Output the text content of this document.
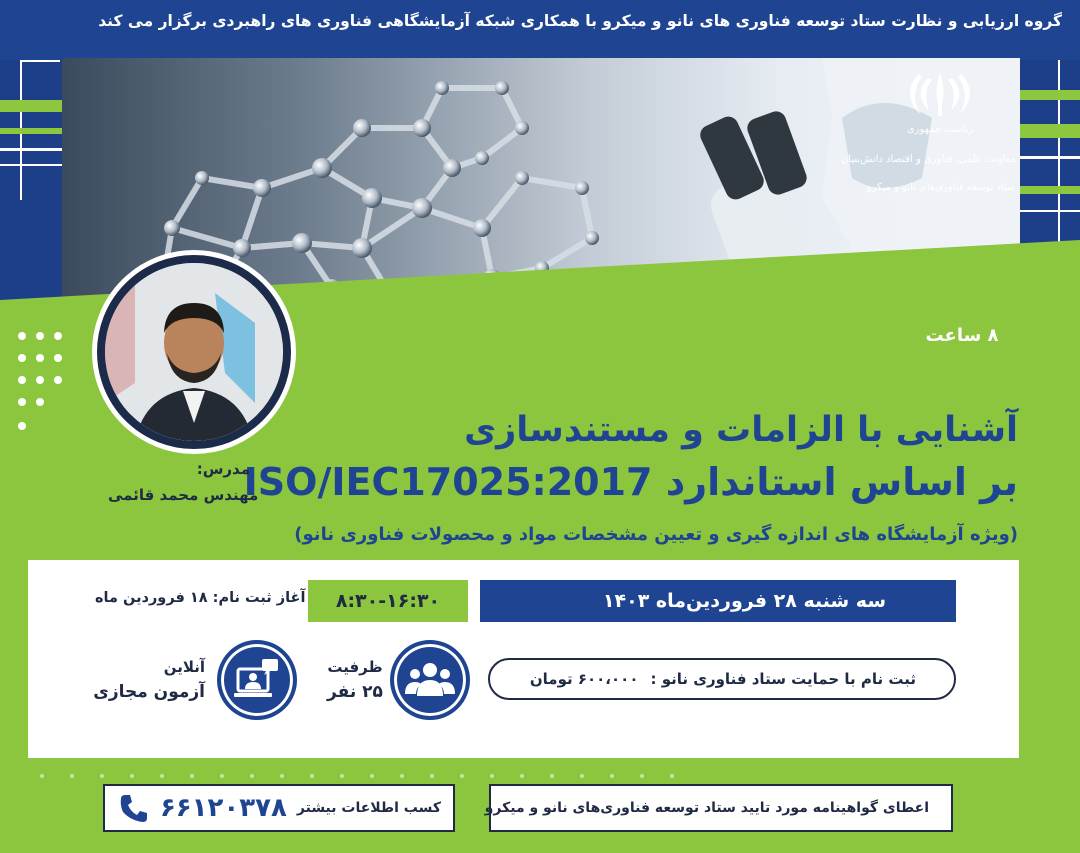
گروه ارزیابی و نظارت ستاد توسعه فناوری های نانو و میکرو با همکاری شبکه آزمایشگاهی فناوری های راهبردی برگزار می کند
ریاست جمهوری
معاونت علمی، فناوری و اقتصاد دانش‌بنیان
ستاد توسعه فناوری‌های نانو و میکرو
۸ ساعت
آشنایی با الزامات و مستندسازی
بر اساس استاندارد ISO/IEC17025:2017
(ویژه آزمایشگاه های اندازه گیری و تعیین مشخصات مواد و محصولات فناوری نانو)
مدرس:
مهندس محمد قائمی
سه شنبه ۲۸ فروردین‌ماه ۱۴۰۳
۸:۳۰-۱۶:۳۰
آغاز ثبت نام: ۱۸ فروردین ماه
ثبت نام با حمایت ستاد فناوری نانو :
۶۰۰،۰۰۰ تومان
ظرفیت
۲۵ نفر
آنلاین
آزمون مجازی
اعطای گواهینامه مورد تایید ستاد توسعه فناوری‌های نانو و میکرو
کسب اطلاعات بیشتر
۶۶۱۲۰۳۷۸
